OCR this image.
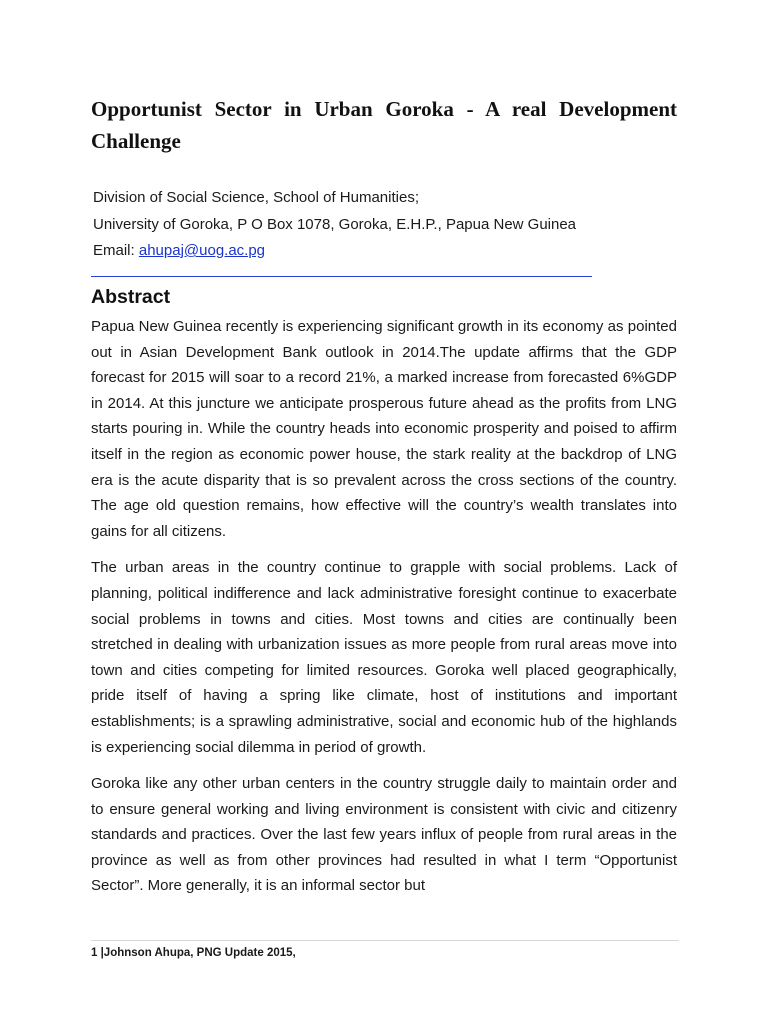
Opportunist Sector in Urban Goroka - A real Development Challenge
Division of Social Science, School of Humanities;
University of Goroka, P O Box 1078, Goroka, E.H.P., Papua New Guinea
Email: ahupaj@uog.ac.pg
Abstract

Papua New Guinea recently is experiencing significant growth in its economy as pointed out in Asian Development Bank outlook in 2014.The update affirms that the GDP forecast for 2015 will soar to a record 21%, a marked increase from forecasted 6%GDP in 2014. At this juncture we anticipate prosperous future ahead as the profits from LNG starts pouring in. While the country heads into economic prosperity and poised to affirm itself in the region as economic power house, the stark reality at the backdrop of LNG era is the acute disparity that is so prevalent across the cross sections of the country. The age old question remains, how effective will the country’s wealth translates into gains for all citizens.

The urban areas in the country continue to grapple with social problems. Lack of planning, political indifference and lack administrative foresight continue to exacerbate social problems in towns and cities. Most towns and cities are continually been stretched in dealing with urbanization issues as more people from rural areas move into town and cities competing for limited resources. Goroka well placed geographically, pride itself of having a spring like climate, host of institutions and important establishments; is a sprawling administrative, social and economic hub of the highlands is experiencing social dilemma in period of growth.

Goroka like any other urban centers in the country struggle daily to maintain order and to ensure general working and living environment is consistent with civic and citizenry standards and practices. Over the last few years influx of people from rural areas in the province as well as from other provinces had resulted in what I term “Opportunist Sector”. More generally, it is an informal sector but

1 |Johnson Ahupa, PNG Update 2015,
